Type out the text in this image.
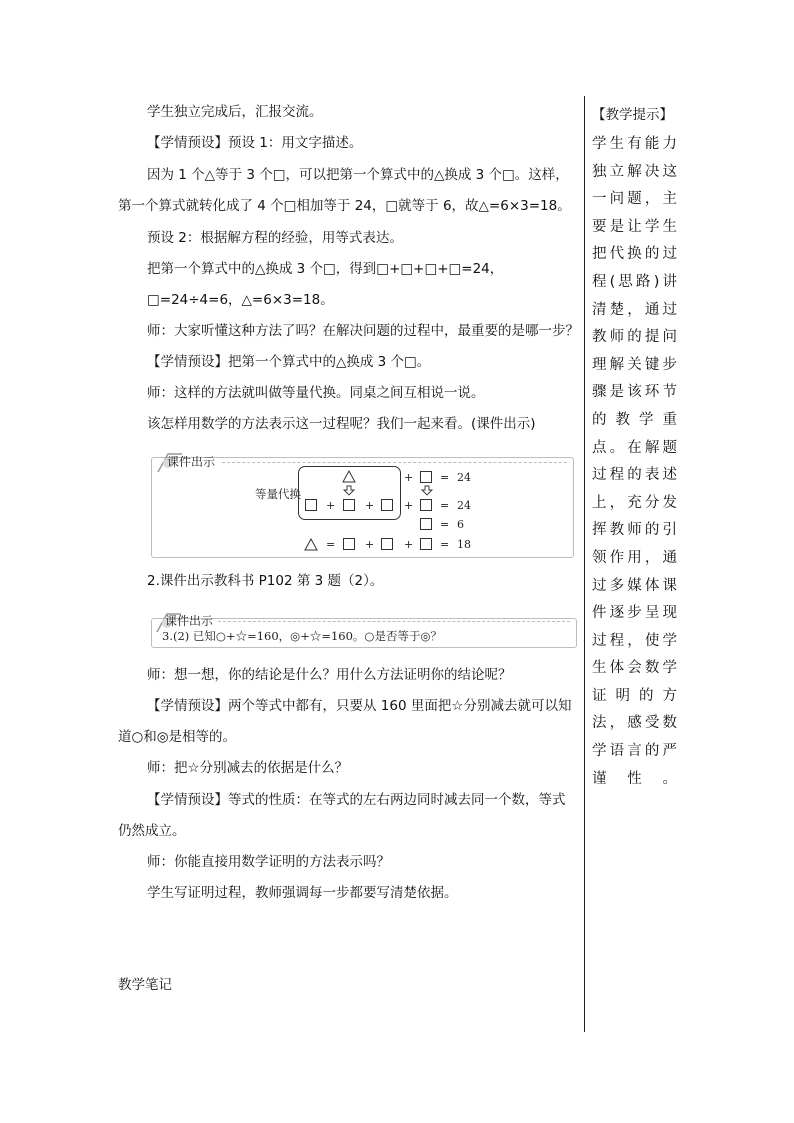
学生独立完成后，汇报交流。
【学情预设】预设 1：用文字描述。
因为 1 个△等于 3 个□，可以把第一个算式中的△换成 3 个□。这样，
第一个算式就转化成了 4 个□相加等于 24，□就等于 6，故△=6×3=18。
预设 2：根据解方程的经验，用等式表达。
把第一个算式中的△换成 3 个□，得到□+□+□+□=24，
□=24÷4=6，△=6×3=18。
师：大家听懂这种方法了吗？在解决问题的过程中，最重要的是哪一步？
【学情预设】把第一个算式中的△换成 3 个□。
师：这样的方法就叫做等量代换。同桌之间互相说一说。
该怎样用数学的方法表示这一过程呢？我们一起来看。(课件出示)
课件出示
等量代换
+ = 24
+	+	+ = 24
= 6
=	+	+ = 18
2.课件出示教科书 P102 第 3 题（2）。
课件出示
3.(2) 已知○+☆=160，◎+☆=160。○是否等于◎？
师：想一想，你的结论是什么？用什么方法证明你的结论呢？
【学情预设】两个等式中都有，只要从 160 里面把☆分别减去就可以知
道○和◎是相等的。
师：把☆分别减去的依据是什么？
【学情预设】等式的性质：在等式的左右两边同时减去同一个数，等式
仍然成立。
师：你能直接用数学证明的方法表示吗？
学生写证明过程，教师强调每一步都要写清楚依据。
教学笔记
【教学提示】
学生有能力独立解决这一问题，主要是让学生把代换的过程(思路)讲清楚，通过教师的提问理解关键步骤是该环节的教学重点。在解题过程的表述上，充分发挥教师的引领作用，通过多媒体课件逐步呈现过程，使学生体会数学证明的方法，感受数学语言的严谨性。
